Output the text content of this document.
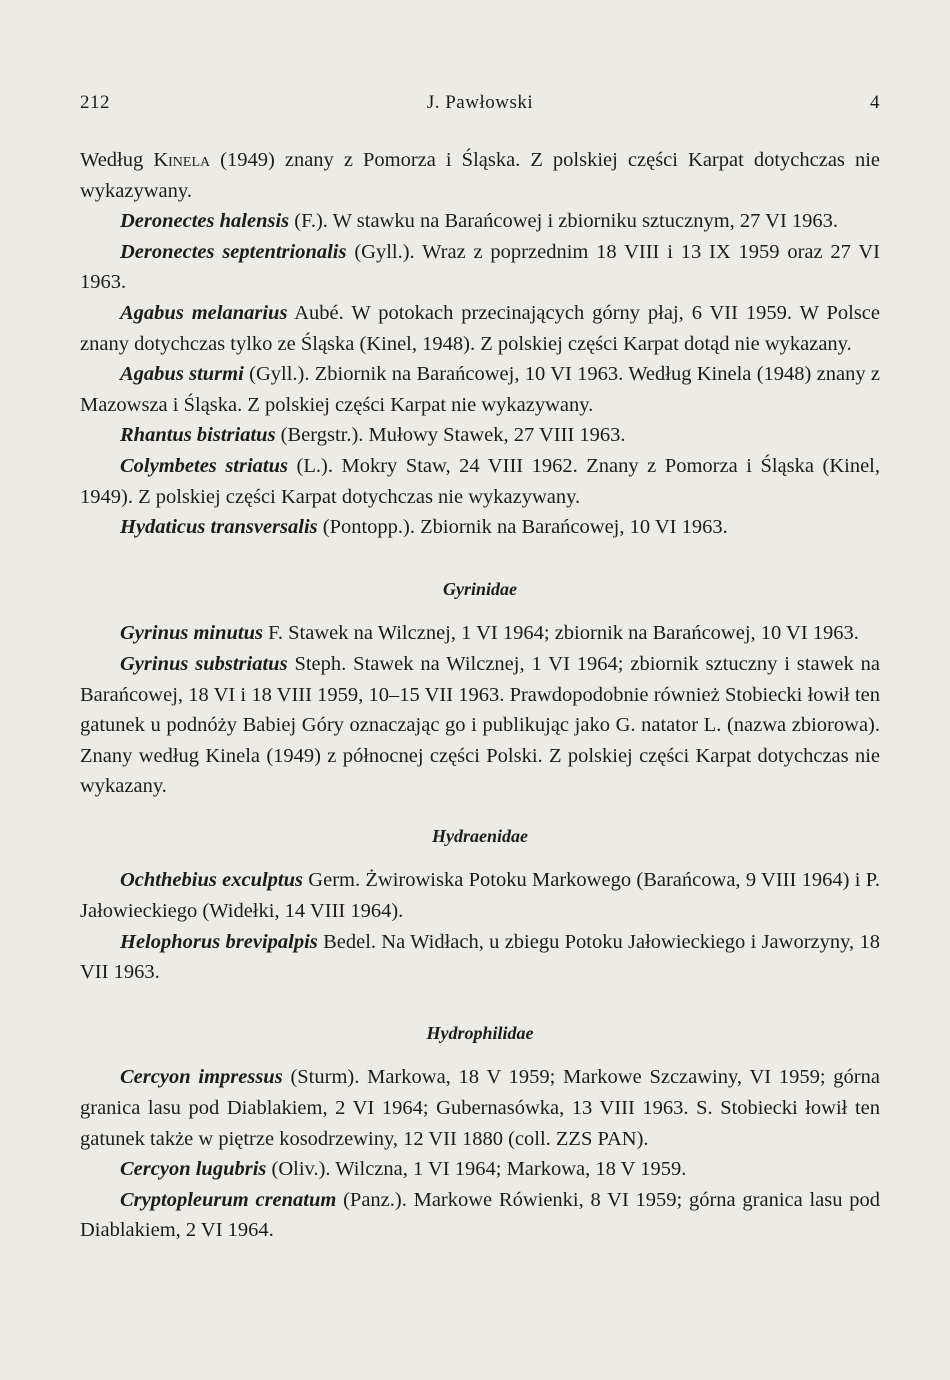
212	J. Pawłowski	4

Według Kinela (1949) znany z Pomorza i Śląska. Z polskiej części Karpat dotychczas nie wykazywany.

Deronectes halensis (F.). W stawku na Barańcowej i zbiorniku sztucznym, 27 VI 1963.

Deronectes septentrionalis (Gyll.). Wraz z poprzednim 18 VIII i 13 IX 1959 oraz 27 VI 1963.

Agabus melanarius Aubé. W potokach przecinających górny płaj, 6 VII 1959. W Polsce znany dotychczas tylko ze Śląska (Kinel, 1948). Z polskiej części Karpat dotąd nie wykazany.

Agabus sturmi (Gyll.). Zbiornik na Barańcowej, 10 VI 1963. Według Kinela (1948) znany z Mazowsza i Śląska. Z polskiej części Karpat nie wykazywany.

Rhantus bistriatus (Bergstr.). Mułowy Stawek, 27 VIII 1963.

Colymbetes striatus (L.). Mokry Staw, 24 VIII 1962. Znany z Pomorza i Śląska (Kinel, 1949). Z polskiej części Karpat dotychczas nie wykazywany.

Hydaticus transversalis (Pontopp.). Zbiornik na Barańcowej, 10 VI 1963.

Gyrinidae

Gyrinus minutus F. Stawek na Wilcznej, 1 VI 1964; zbiornik na Barańcowej, 10 VI 1963.

Gyrinus substriatus Steph. Stawek na Wilcznej, 1 VI 1964; zbiornik sztuczny i stawek na Barańcowej, 18 VI i 18 VIII 1959, 10–15 VII 1963. Prawdopodobnie również Stobiecki łowił ten gatunek u podnóży Babiej Góry oznaczając go i publikując jako G. natator L. (nazwa zbiorowa). Znany według Kinela (1949) z północnej części Polski. Z polskiej części Karpat dotychczas nie wykazany.

Hydraenidae

Ochthebius exculptus Germ. Żwirowiska Potoku Markowego (Barańcowa, 9 VIII 1964) i P. Jałowieckiego (Widełki, 14 VIII 1964).

Helophorus brevipalpis Bedel. Na Widłach, u zbiegu Potoku Jałowieckiego i Jaworzyny, 18 VII 1963.

Hydrophilidae

Cercyon impressus (Sturm). Markowa, 18 V 1959; Markowe Szczawiny, VI 1959; górna granica lasu pod Diablakiem, 2 VI 1964; Gubernasówka, 13 VIII 1963. S. Stobiecki łowił ten gatunek także w piętrze kosodrzewiny, 12 VII 1880 (coll. ZZS PAN).

Cercyon lugubris (Oliv.). Wilczna, 1 VI 1964; Markowa, 18 V 1959.

Cryptopleurum crenatum (Panz.). Markowe Rówienki, 8 VI 1959; górna granica lasu pod Diablakiem, 2 VI 1964.
